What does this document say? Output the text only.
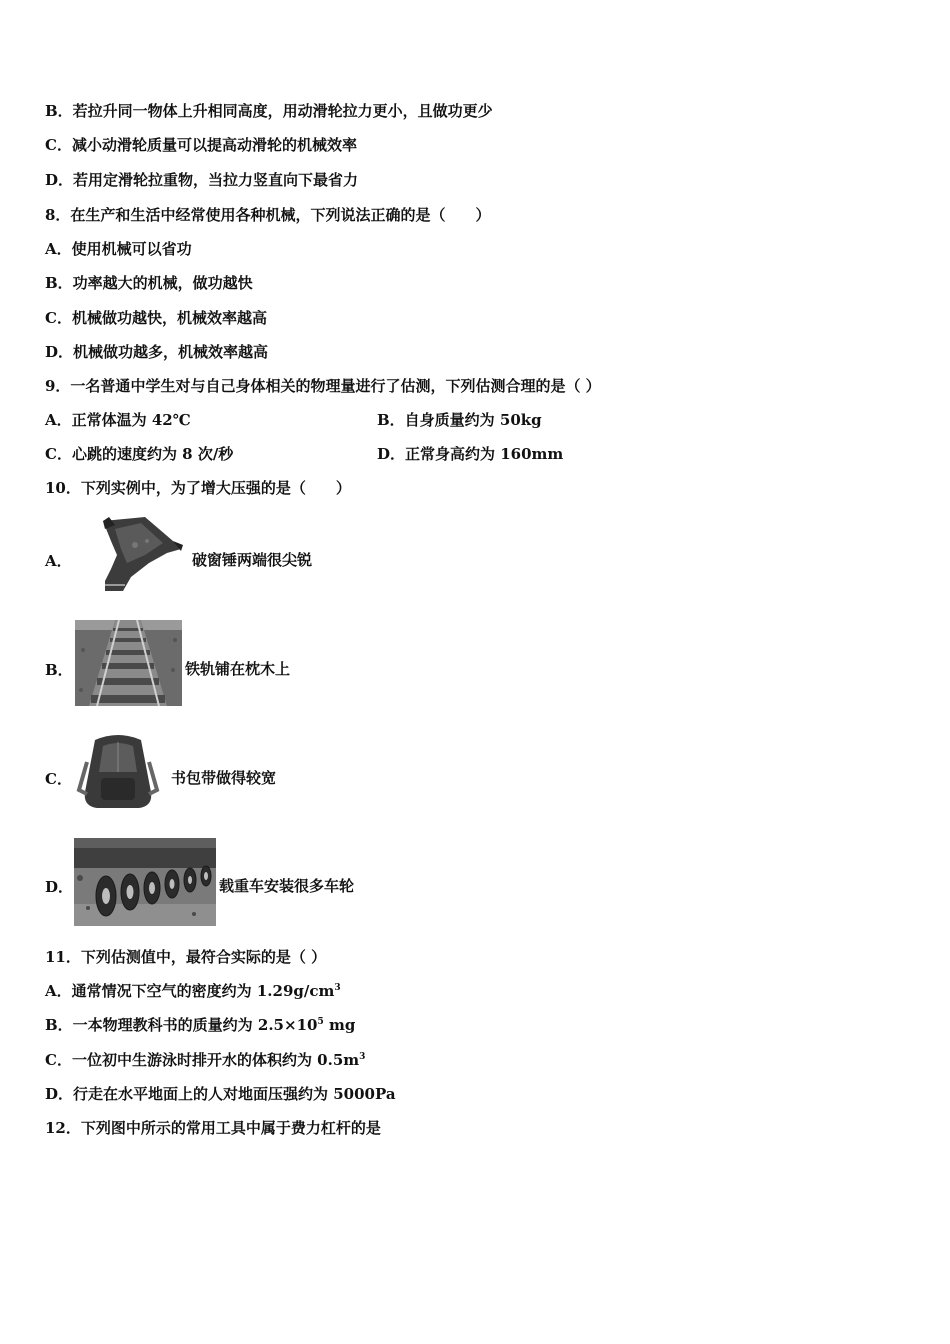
B．若拉升同一物体上升相同高度，用动滑轮拉力更小，且做功更少
C．减小动滑轮质量可以提高动滑轮的机械效率
D．若用定滑轮拉重物，当拉力竖直向下最省力
8．在生产和生活中经常使用各种机械，下列说法正确的是（　　）
A．使用机械可以省功
B．功率越大的机械，做功越快
C．机械做功越快，机械效率越高
D．机械做功越多，机械效率越高
9．一名普通中学生对与自己身体相关的物理量进行了估测，下列估测合理的是（ ）
A．正常体温为 42℃	B．自身质量约为 50kg
C．心跳的速度约为 8 次/秒	D．正常身高约为 160mm
10．下列实例中，为了增大压强的是（　　）
A．	破窗锤两端很尖锐
B．	铁轨铺在枕木上
C．	书包带做得较宽
D．	载重车安装很多车轮
11．下列估测值中，最符合实际的是（ ）
A．通常情况下空气的密度约为 $1.29g/cm^3$
B．一本物理教科书的质量约为 $2.5\times 10^5$ mg
C．一位初中生游泳时排开水的体积约为 $0.5m^3$
D．行走在水平地面上的人对地面压强约为 5000Pa
12．下列图中所示的常用工具中属于费力杠杆的是
